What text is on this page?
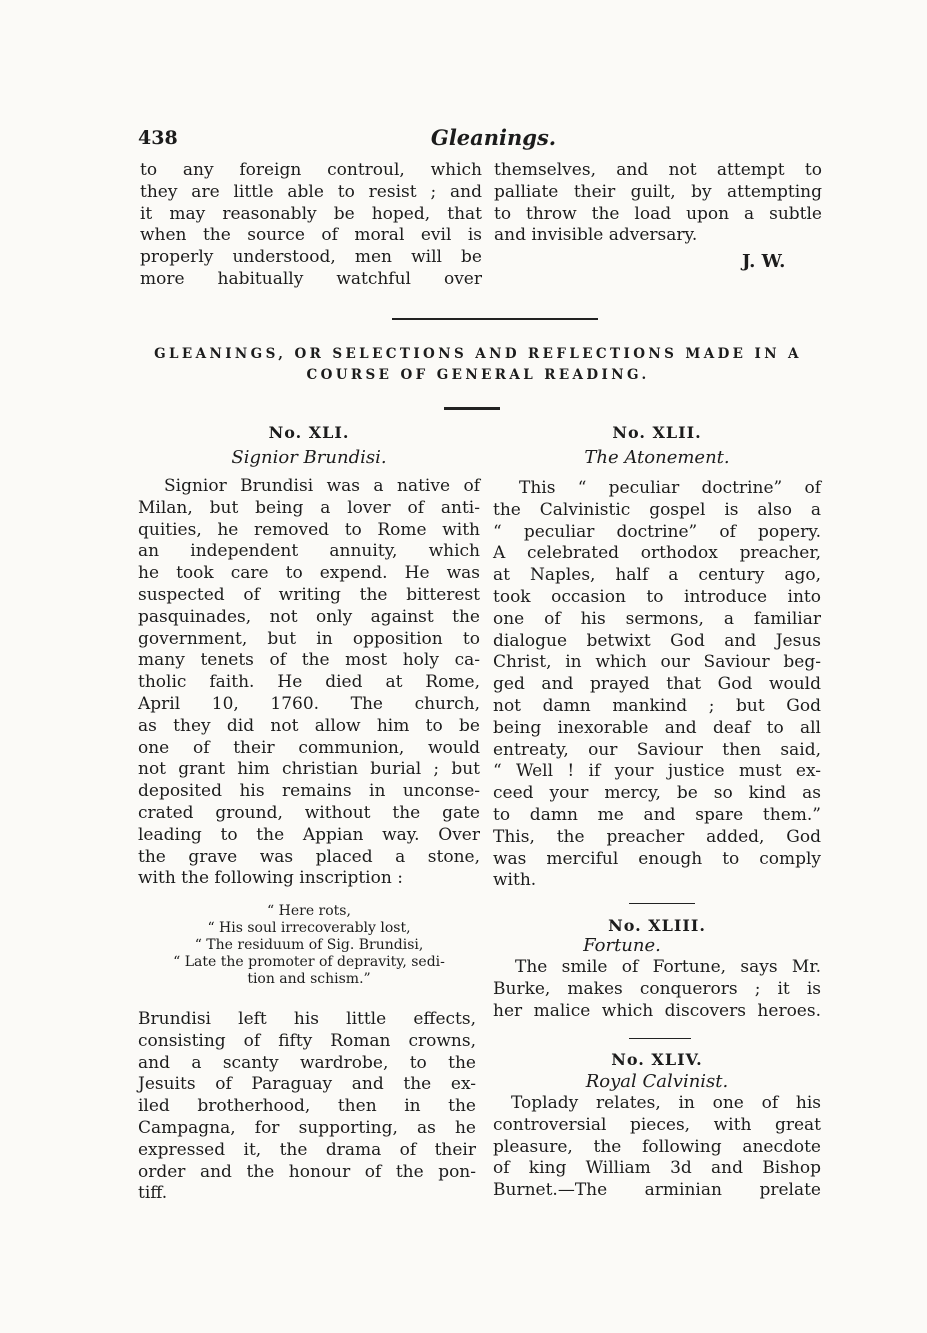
438	Gleanings.
to any foreign controul, which
they are little able to resist ; and
it may reasonably be hoped, that
when the source of moral evil is
properly understood, men will be
more habitually watchful over
themselves, and not attempt to
palliate their guilt, by attempting
to throw the load upon a subtle
and invisible adversary.
J. W.
GLEANINGS, OR SELECTIONS AND REFLECTIONS MADE IN A
COURSE OF GENERAL READING.
No. XLI.
Signior Brundisi.
Signior Brundisi was a native of
Milan, but being a lover of anti-
quities, he removed to Rome with
an independent annuity, which
he took care to expend. He was
suspected of writing the bitterest
pasquinades, not only against the
government, but in opposition to
many tenets of the most holy ca-
tholic faith. He died at Rome,
April 10, 1760. The church,
as they did not allow him to be
one of their communion, would
not grant him christian burial ; but
deposited his remains in unconse-
crated ground, without the gate
leading to the Appian way. Over
the grave was placed a stone,
with the following inscription :
“ Here rots,
“ His soul irrecoverably lost,
“ The residuum of Sig. Brundisi,
“ Late the promoter of depravity, sedi-
tion and schism.”
Brundisi left his little effects,
consisting of fifty Roman crowns,
and a scanty wardrobe, to the
Jesuits of Paraguay and the ex-
iled brotherhood, then in the
Campagna, for supporting, as he
expressed it, the drama of their
order and the honour of the pon-
tiff.
No. XLII.
The Atonement.
This “ peculiar doctrine” of
the Calvinistic gospel is also a
“ peculiar doctrine” of popery.
A celebrated orthodox preacher,
at Naples, half a century ago,
took occasion to introduce into
one of his sermons, a familiar
dialogue betwixt God and Jesus
Christ, in which our Saviour beg-
ged and prayed that God would
not damn mankind ; but God
being inexorable and deaf to all
entreaty, our Saviour then said,
“ Well ! if your justice must ex-
ceed your mercy, be so kind as
to damn me and spare them.”
This, the preacher added, God
was merciful enough to comply
with.
No. XLIII.
Fortune.
The smile of Fortune, says Mr.
Burke, makes conquerors ; it is
her malice which discovers heroes.
No. XLIV.
Royal Calvinist.
Toplady relates, in one of his
controversial pieces, with great
pleasure, the following anecdote
of king William 3d and Bishop
Burnet.—The arminian prelate
